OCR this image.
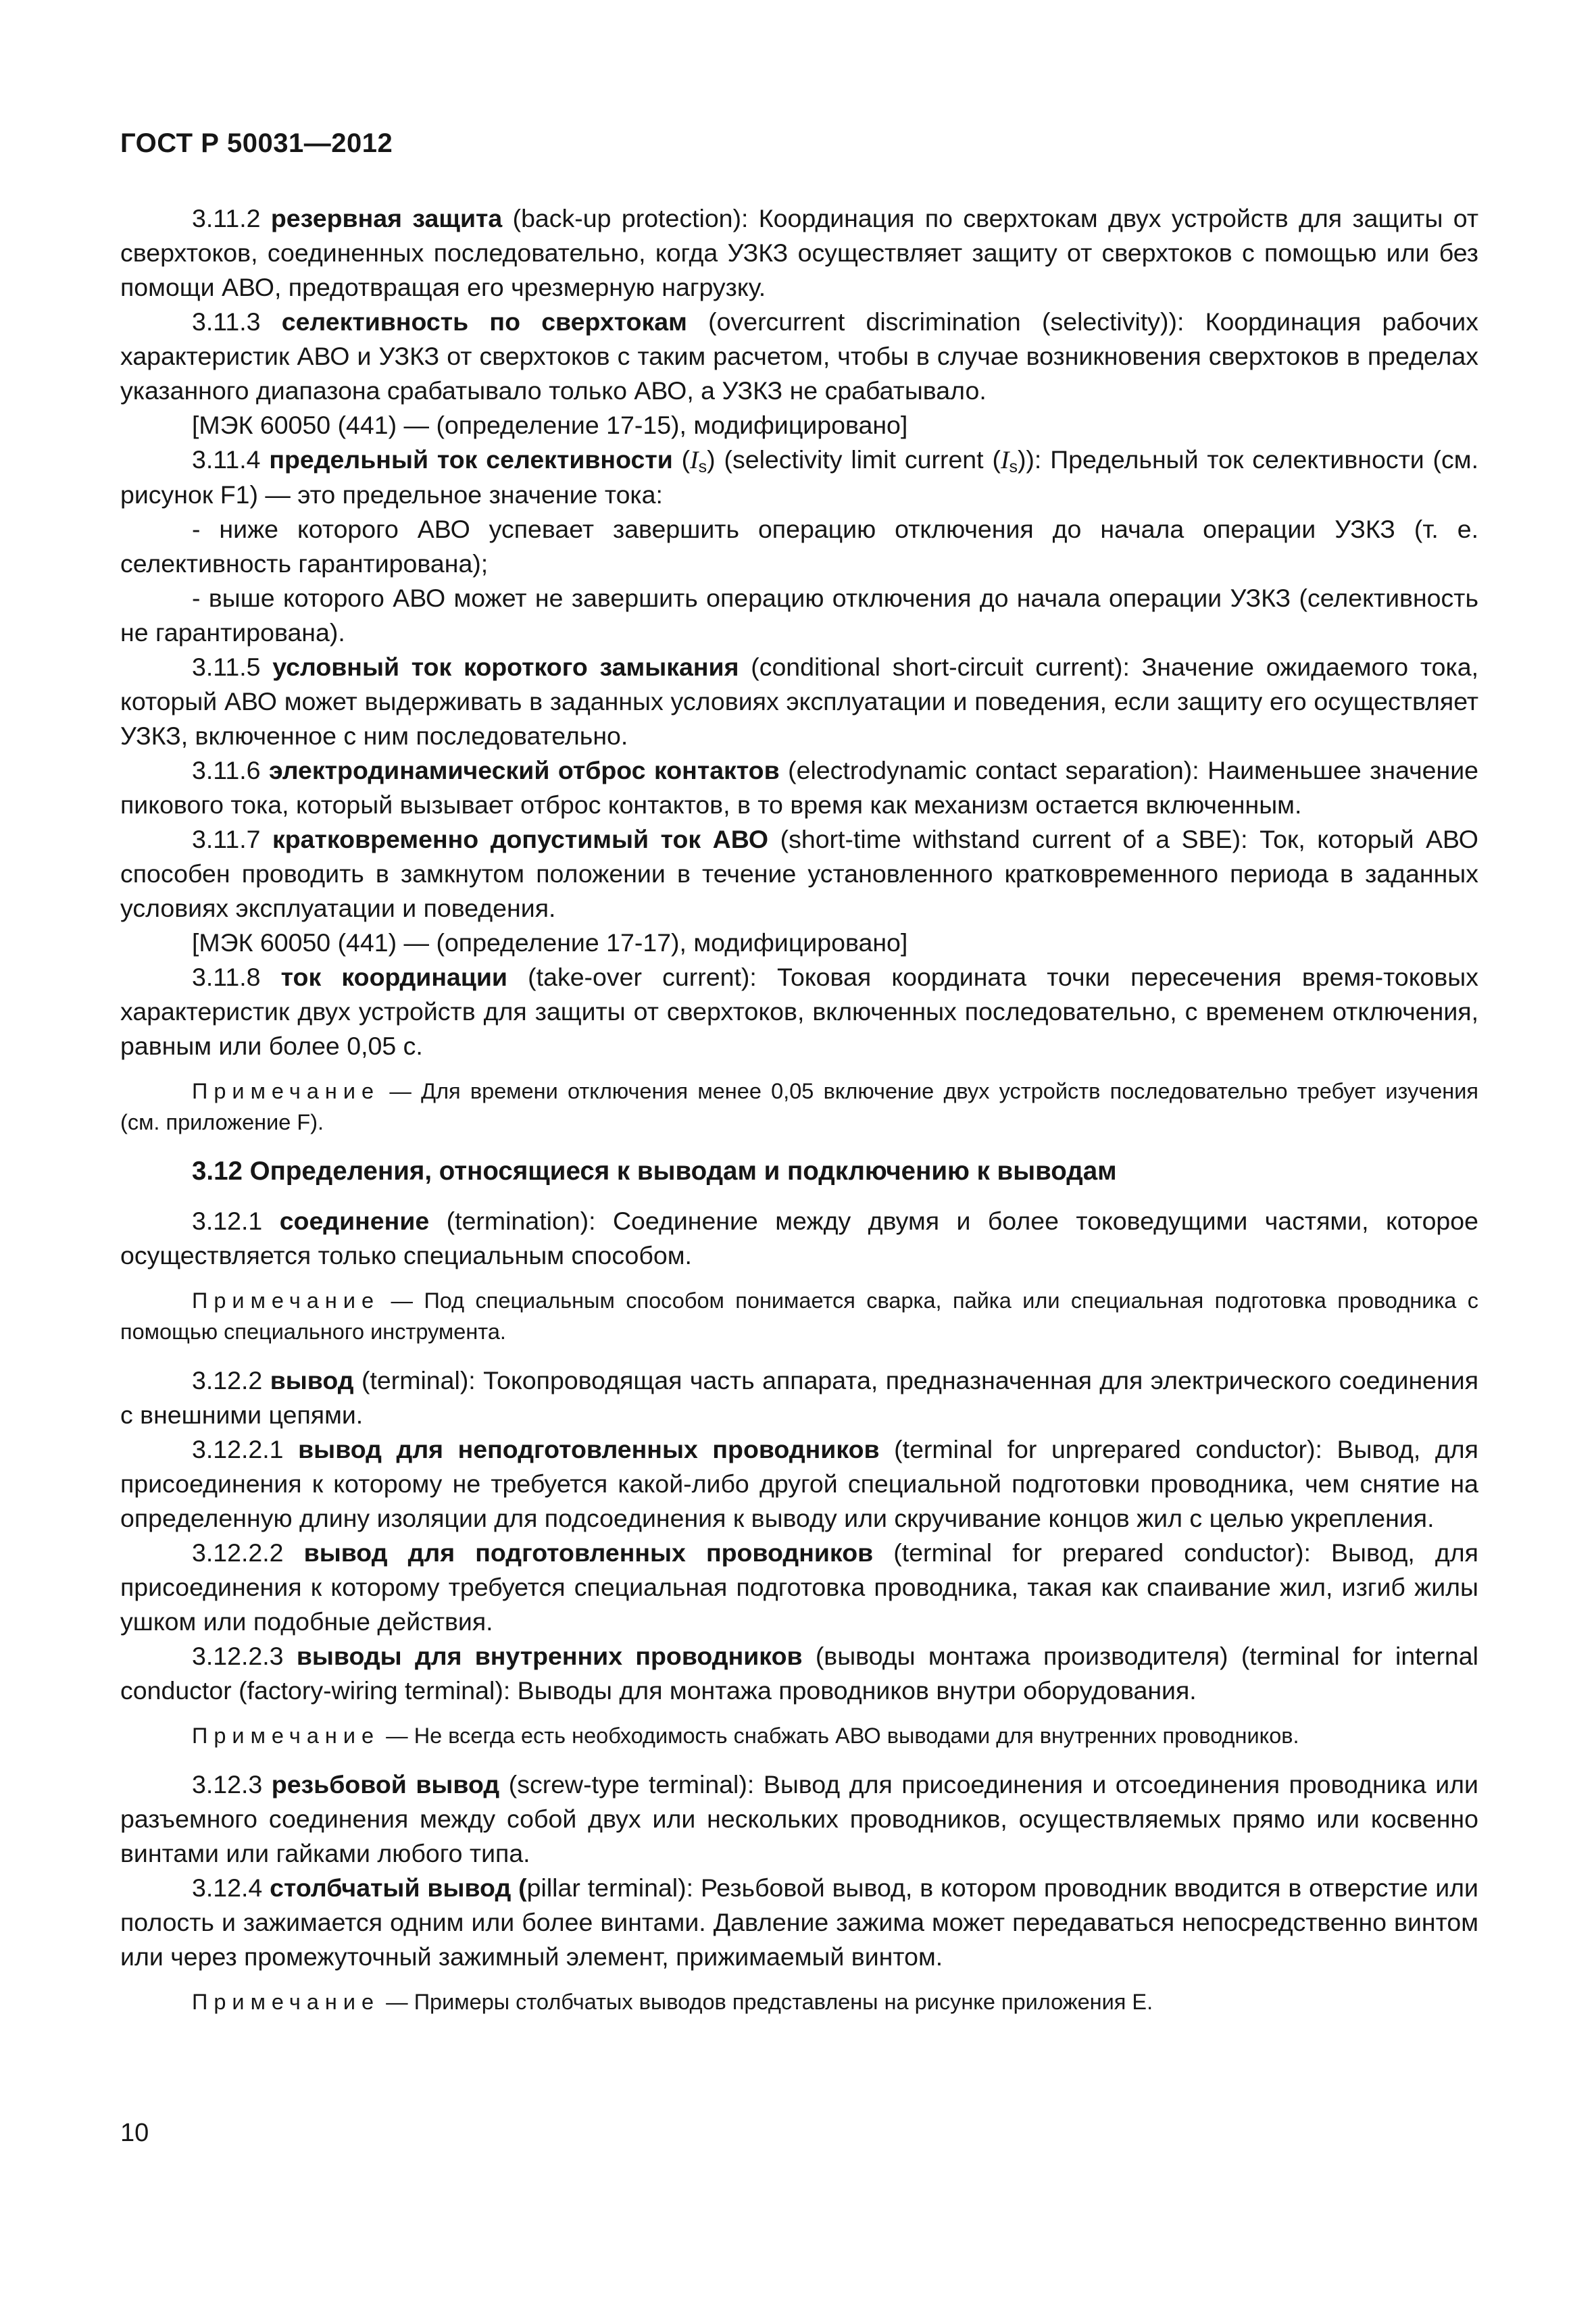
ГОСТ Р 50031—2012

3.11.2 резервная защита (back-up protection): Координация по сверхтокам двух устройств для защиты от сверхтоков, соединенных последовательно, когда УЗКЗ осуществляет защиту от сверхтоков с помощью или без помощи АВО, предотвращая его чрезмерную нагрузку.

3.11.3 селективность по сверхтокам (overcurrent discrimination (selectivity)): Координация рабочих характеристик АВО и УЗКЗ от сверхтоков с таким расчетом, чтобы в случае возникновения сверхтоков в пределах указанного диапазона срабатывало только АВО, а УЗКЗ не срабатывало.

[МЭК 60050 (441) — (определение 17-15), модифицировано]

3.11.4 предельный ток селективности $(I_s)$ (selectivity limit current $(I_s)$): Предельный ток селективности (см. рисунок F1) — это предельное значение тока:

- ниже которого АВО успевает завершить операцию отключения до начала операции УЗКЗ (т. е. селективность гарантирована);

- выше которого АВО может не завершить операцию отключения до начала операции УЗКЗ (селективность не гарантирована).

3.11.5 условный ток короткого замыкания (conditional short-circuit current): Значение ожидаемого тока, который АВО может выдерживать в заданных условиях эксплуатации и поведения, если защиту его осуществляет УЗКЗ, включенное с ним последовательно.

3.11.6 электродинамический отброс контактов (electrodynamic contact separation): Наименьшее значение пикового тока, который вызывает отброс контактов, в то время как механизм остается включенным.

3.11.7 кратковременно допустимый ток АВО (short-time withstand current of a SBE): Ток, который АВО способен проводить в замкнутом положении в течение установленного кратковременного периода в заданных условиях эксплуатации и поведения.

[МЭК 60050 (441) — (определение 17-17), модифицировано]

3.11.8 ток координации (take-over current): Токовая координата точки пересечения время-токовых характеристик двух устройств для защиты от сверхтоков, включенных последовательно, с временем отключения, равным или более 0,05 с.

Примечание — Для времени отключения менее 0,05 включение двух устройств последовательно требует изучения (см. приложение F).

3.12 Определения, относящиеся к выводам и подключению к выводам

3.12.1 соединение (termination): Соединение между двумя и более токоведущими частями, которое осуществляется только специальным способом.

Примечание — Под специальным способом понимается сварка, пайка или специальная подготовка проводника с помощью специального инструмента.

3.12.2 вывод (terminal): Токопроводящая часть аппарата, предназначенная для электрического соединения с внешними цепями.

3.12.2.1 вывод для неподготовленных проводников (terminal for unprepared conductor): Вывод, для присоединения к которому не требуется какой-либо другой специальной подготовки проводника, чем снятие на определенную длину изоляции для подсоединения к выводу или скручивание концов жил с целью укрепления.

3.12.2.2 вывод для подготовленных проводников (terminal for prepared conductor): Вывод, для присоединения к которому требуется специальная подготовка проводника, такая как спаивание жил, изгиб жилы ушком или подобные действия.

3.12.2.3 выводы для внутренних проводников (выводы монтажа производителя) (terminal for internal conductor (factory-wiring terminal): Выводы для монтажа проводников внутри оборудования.

Примечание — Не всегда есть необходимость снабжать АВО выводами для внутренних проводников.

3.12.3 резьбовой вывод (screw-type terminal): Вывод для присоединения и отсоединения проводника или разъемного соединения между собой двух или нескольких проводников, осуществляемых прямо или косвенно винтами или гайками любого типа.

3.12.4 столбчатый вывод (pillar terminal): Резьбовой вывод, в котором проводник вводится в отверстие или полость и зажимается одним или более винтами. Давление зажима может передаваться непосредственно винтом или через промежуточный зажимный элемент, прижимаемый винтом.

Примечание — Примеры столбчатых выводов представлены на рисунке приложения Е.

10
